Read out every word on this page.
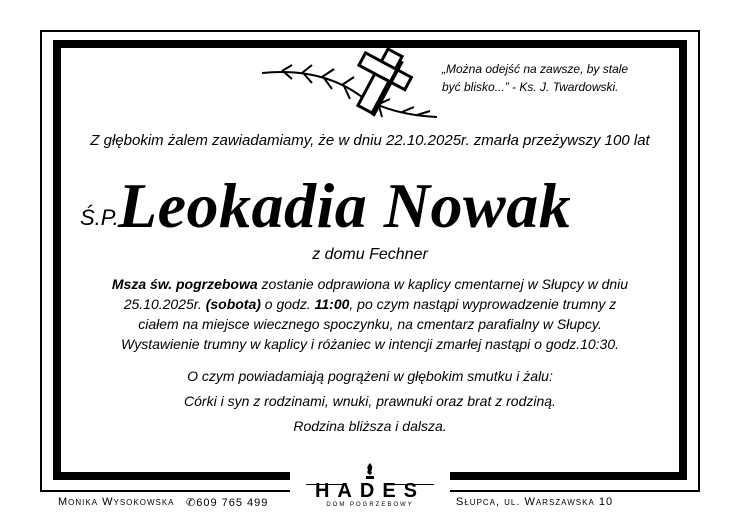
„Można odejść na zawsze, by stale
być blisko...” - Ks. J. Twardowski.
Z głębokim żalem zawiadamiamy, że w dniu 22.10.2025r. zmarła przeżywszy 100 lat
Ś.P. Leokadia Nowak
z domu Fechner
Msza św. pogrzebowa zostanie odprawiona w kaplicy cmentarnej w Słupcy w dniu
25.10.2025r. (sobota) o godz. 11:00, po czym nastąpi wyprowadzenie trumny z
ciałem na miejsce wiecznego spoczynku, na cmentarz parafialny w Słupcy.
Wystawienie trumny w kaplicy i różaniec w intencji zmarłej nastąpi o godz.10:30.
O czym powiadamiają pogrążeni w głębokim smutku i żalu:
Córki i syn z rodzinami, wnuki, prawnuki oraz brat z rodziną.
Rodzina bliższa i dalsza.
Monika Wysokowska ✆609 765 499	Słupca, ul. Warszawska 10
HADES
DOM POGRZEBOWY
